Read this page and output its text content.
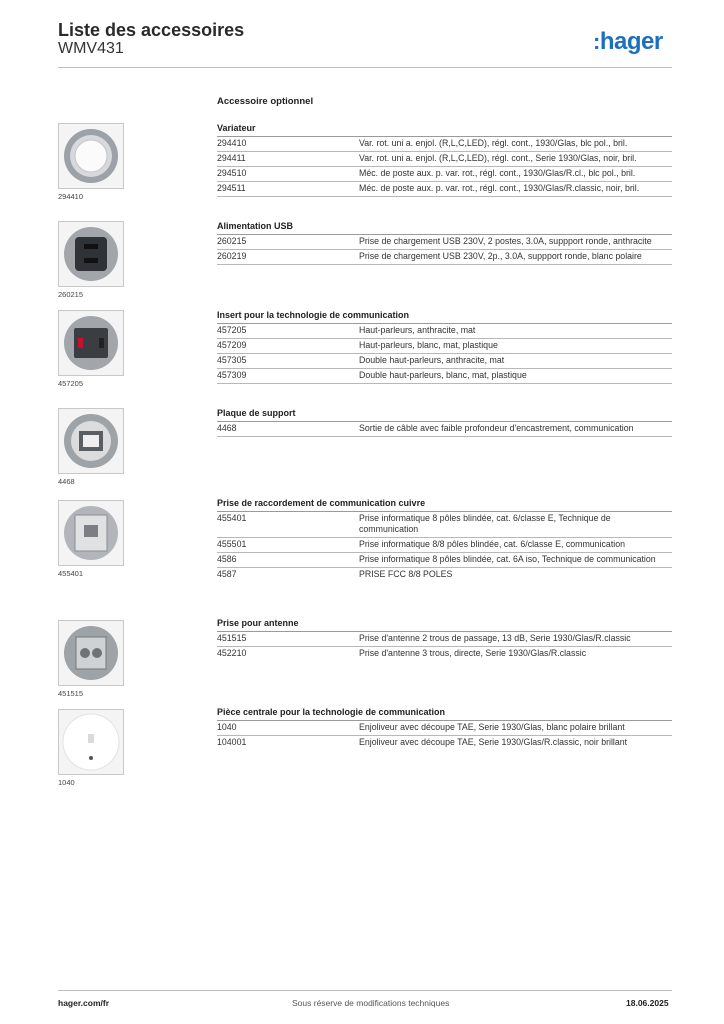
Liste des accessoires
WMV431	:hager
Accessoire optionnel
294410
260215
457205
4468
455401
451515
1040
Variateur
294410	Var. rot. uni a. enjol. (R,L,C,LED), régl. cont., 1930/Glas, blc pol., bril.
294411	Var. rot. uni a. enjol. (R,L,C,LED), régl. cont., Serie 1930/Glas, noir, bril.
294510	Méc. de poste aux. p. var. rot., régl. cont., 1930/Glas/R.cl., blc pol., bril.
294511	Méc. de poste aux. p. var. rot., régl. cont., 1930/Glas/R.classic, noir, bril.
Alimentation USB
260215	Prise de chargement USB 230V, 2 postes, 3.0A, suppport ronde, anthracite
260219	Prise de chargement USB 230V, 2p., 3.0A, suppport ronde, blanc polaire
Insert pour la technologie de communication
457205	Haut-parleurs, anthracite, mat
457209	Haut-parleurs, blanc, mat, plastique
457305	Double haut-parleurs, anthracite, mat
457309	Double haut-parleurs, blanc, mat, plastique
Plaque de support
4468	Sortie de câble avec faible profondeur d'encastrement, communication
Prise de raccordement de communication cuivre
455401	Prise informatique 8 pôles blindée, cat. 6/classe E, Technique de communication
455501	Prise informatique 8/8 pôles blindée, cat. 6/classe E, communication
4586	Prise informatique 8 pôles blindée, cat. 6A iso, Technique de communication
4587	PRISE FCC 8/8 POLES
Prise pour antenne
451515	Prise d'antenne 2 trous de passage, 13 dB, Serie 1930/Glas/R.classic
452210	Prise d'antenne 3 trous, directe, Serie 1930/Glas/R.classic
Pièce centrale pour la technologie de communication
1040	Enjoliveur avec découpe TAE, Serie 1930/Glas, blanc polaire brillant
104001	Enjoliveur avec découpe TAE, Serie 1930/Glas/R.classic, noir brillant
hager.com/fr	Sous réserve de modifications techniques	18.06.2025
